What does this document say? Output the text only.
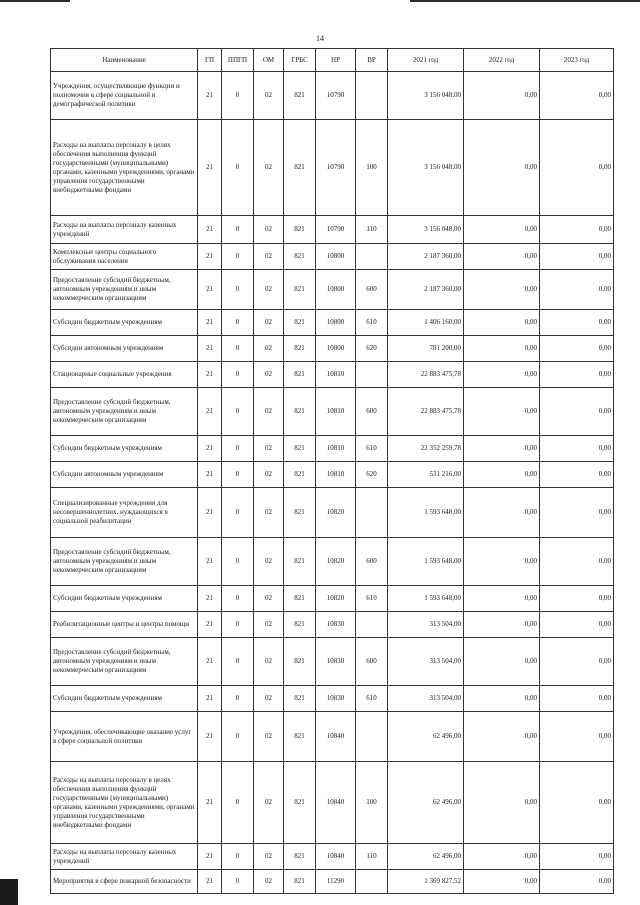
14
Наименование	ГП	ППГП	ОМ	ГРБС	НР	ВР	2021 год	2022 год	2023 год
Учреждения, осуществляющие функции и полномочия в сфере социальной и демографической политики	21	0	02	821	10790		3 156 048,00	0,00	0,00
Расходы на выплаты персоналу в целях обеспечения выполнения функций государственными (муниципальными) органами, казенными учреждениями, органами управления государственными внебюджетными фондами	21	0	02	821	10790	100	3 156 048,00	0,00	0,00
Расходы на выплаты персоналу казенных учреждений	21	0	02	821	10790	110	3 156 048,00	0,00	0,00
Комплексные центры социального обслуживания населения	21	0	02	821	10800		2 187 360,00	0,00	0,00
Предоставление субсидий бюджетным, автономным учреждениям и иным некоммерческим организациям	21	0	02	821	10800	600	2 187 360,00	0,00	0,00
Субсидии бюджетным учреждениям	21	0	02	821	10800	610	1 406 160,00	0,00	0,00
Субсидии автономным учреждениям	21	0	02	821	10800	620	781 200,00	0,00	0,00
Стационарные социальные учреждения	21	0	02	821	10810		22 883 475,78	0,00	0,00
Предоставление субсидий бюджетным, автономным учреждениям и иным некоммерческим организациям	21	0	02	821	10810	600	22 883 475,78	0,00	0,00
Субсидии бюджетным учреждениям	21	0	02	821	10810	610	22 352 259,78	0,00	0,00
Субсидии автономным учреждениям	21	0	02	821	10810	620	531 216,00	0,00	0,00
Специализированные учреждения для несовершеннолетних, нуждающихся в социальной реабилитации	21	0	02	821	10820		1 593 648,00	0,00	0,00
Предоставление субсидий бюджетным, автономным учреждениям и иным некоммерческим организациям	21	0	02	821	10820	600	1 593 648,00	0,00	0,00
Субсидии бюджетным учреждениям	21	0	02	821	10820	610	1 593 648,00	0,00	0,00
Реабилитационные центры и центры помощи	21	0	02	821	10830		313 504,00	0,00	0,00
Предоставление субсидий бюджетным, автономным учреждениям и иным некоммерческим организациям	21	0	02	821	10830	600	313 504,00	0,00	0,00
Субсидии бюджетным учреждениям	21	0	02	821	10830	610	313 504,00	0,00	0,00
Учреждения, обеспечивающие оказание услуг в сфере социальной политики	21	0	02	821	10840		62 496,00	0,00	0,00
Расходы на выплаты персоналу в целях обеспечения выполнения функций государственными (муниципальными) органами, казенными учреждениями, органами управления государственными внебюджетными фондами	21	0	02	821	10840	100	62 496,00	0,00	0,00
Расходы на выплаты персоналу казенных учреждений	21	0	02	821	10840	110	62 496,00	0,00	0,00
Мероприятия в сфере пожарной безопасности	21	0	02	821	11290		1 369 827,52	0,00	0,00
